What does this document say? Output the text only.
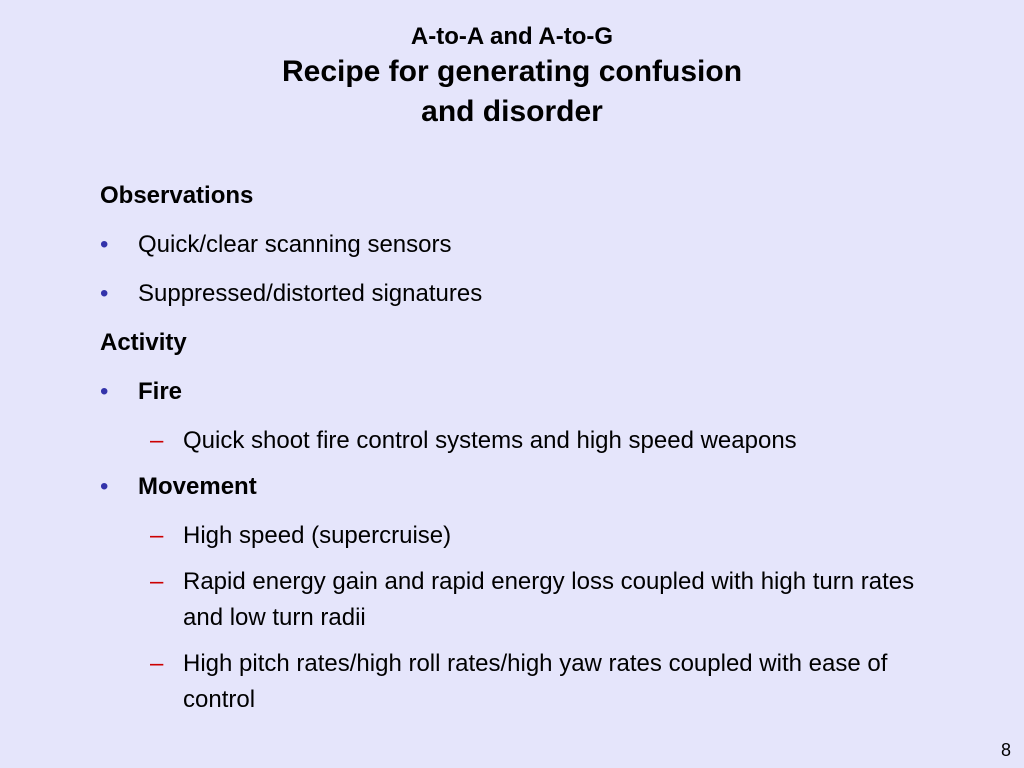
A-to-A and A-to-G
Recipe for generating confusion
and disorder
Observations
• Quick/clear scanning sensors
• Suppressed/distorted signatures
Activity
• Fire
– Quick shoot fire control systems and high speed weapons
• Movement
– High speed (supercruise)
– Rapid energy gain and rapid energy loss coupled with high turn rates and low turn radii
– High pitch rates/high roll rates/high yaw rates coupled with ease of control
8
